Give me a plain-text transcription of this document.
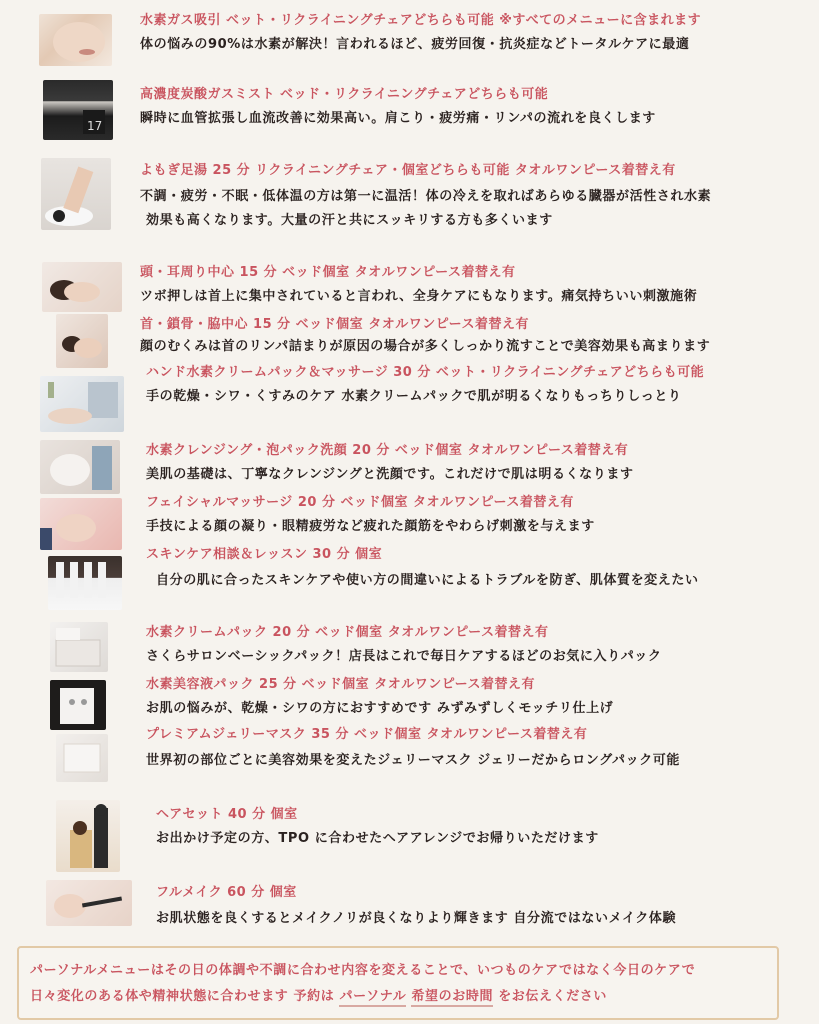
17
水素ガス吸引 ベット・リクライニングチェアどちらも可能 ※すべてのメニューに含まれます
体の悩みの90%は水素が解決！言われるほど、疲労回復・抗炎症などトータルケアに最適
高濃度炭酸ガスミスト ベッド・リクライニングチェアどちらも可能
瞬時に血管拡張し血流改善に効果高い。肩こり・疲労痛・リンパの流れを良くします
よもぎ足湯 25 分 リクライニングチェア・個室どちらも可能 タオルワンピース着替え有
不調・疲労・不眠・低体温の方は第一に温活！体の冷えを取ればあらゆる臓器が活性され水素
効果も高くなります。大量の汗と共にスッキリする方も多くいます
頭・耳周り中心 15 分 ベッド個室 タオルワンピース着替え有
ツボ押しは首上に集中されていると言われ、全身ケアにもなります。痛気持ちいい刺激施術
首・鎖骨・脇中心 15 分 ベッド個室 タオルワンピース着替え有
顔のむくみは首のリンパ詰まりが原因の場合が多くしっかり流すことで美容効果も高まります
ハンド水素クリームパック＆マッサージ 30 分 ベット・リクライニングチェアどちらも可能
手の乾燥・シワ・くすみのケア 水素クリームパックで肌が明るくなりもっちりしっとり
水素クレンジング・泡パック洗顔 20 分 ベッド個室 タオルワンピース着替え有
美肌の基礎は、丁寧なクレンジングと洗顔です。これだけで肌は明るくなります
フェイシャルマッサージ 20 分 ベッド個室 タオルワンピース着替え有
手技による顔の凝り・眼精疲労など疲れた顔筋をやわらげ刺激を与えます
スキンケア相談＆レッスン 30 分 個室
自分の肌に合ったスキンケアや使い方の間違いによるトラブルを防ぎ、肌体質を変えたい
水素クリームパック 20 分 ベッド個室 タオルワンピース着替え有
さくらサロンベーシックパック！店長はこれで毎日ケアするほどのお気に入りパック
水素美容液パック 25 分 ベッド個室 タオルワンピース着替え有
お肌の悩みが、乾燥・シワの方におすすめです みずみずしくモッチリ仕上げ
プレミアムジェリーマスク 35 分 ベッド個室 タオルワンピース着替え有
世界初の部位ごとに美容効果を変えたジェリーマスク ジェリーだからロングパック可能
ヘアセット 40 分 個室
お出かけ予定の方、TPO に合わせたヘアアレンジでお帰りいただけます
フルメイク 60 分 個室
お肌状態を良くするとメイクノリが良くなりより輝きます 自分流ではないメイク体験
パーソナルメニューはその日の体調や不調に合わせ内容を変えることで、いつものケアではなく今日のケアで
日々変化のある体や精神状態に合わせます 予約は パーソナル 希望のお時間 をお伝えください
